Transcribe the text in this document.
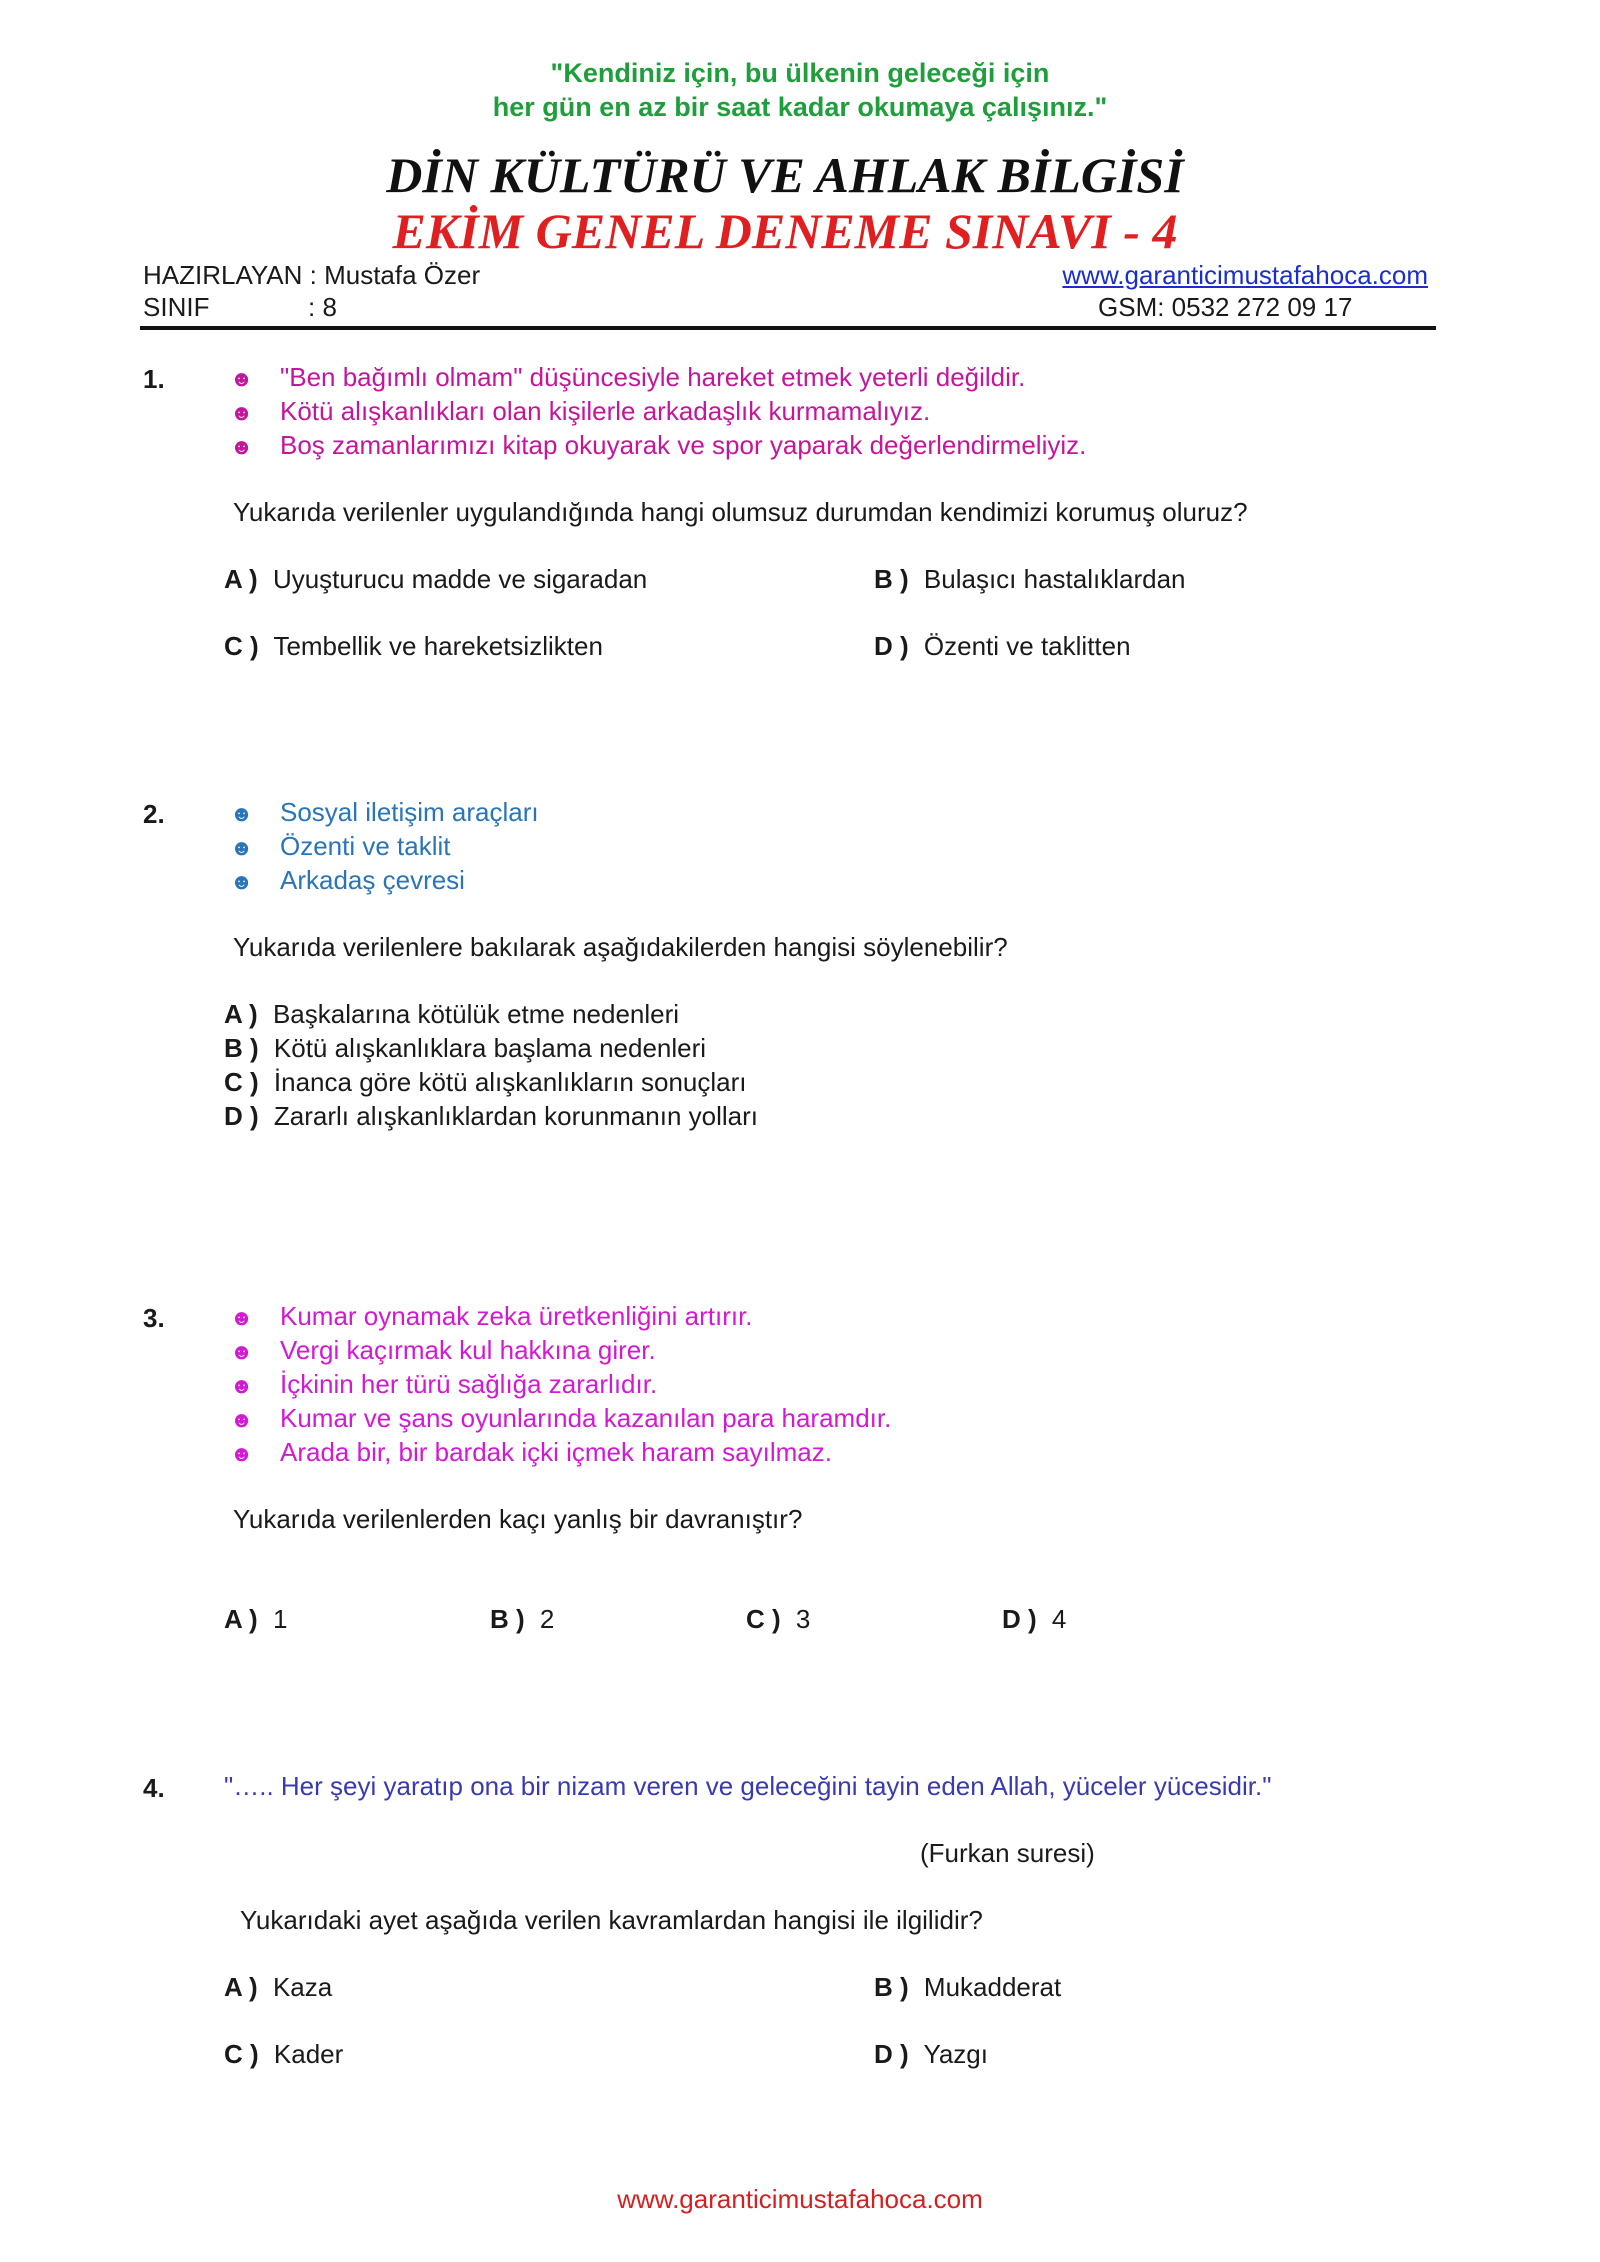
"Kendiniz için, bu ülkenin geleceği için
her gün en az bir saat kadar okumaya çalışınız."
DİN KÜLTÜRÜ VE AHLAK BİLGİSİ
EKİM GENEL DENEME SINAVI - 4
HAZIRLAYAN : Mustafa Özer	www.garanticimustafahoca.com
SINIF	: 8	GSM: 0532 272 09 17
1.	☻ "Ben bağımlı olmam" düşüncesiyle hareket etmek yeterli değildir.
☻ Kötü alışkanlıkları olan kişilerle arkadaşlık kurmamalıyız.
☻ Boş zamanlarımızı kitap okuyarak ve spor yaparak değerlendirmeliyiz.
Yukarıda verilenler uygulandığında hangi olumsuz durumdan kendimizi korumuş oluruz?
A ) Uyuşturucu madde ve sigaradan	B ) Bulaşıcı hastalıklardan
C ) Tembellik ve hareketsizlikten	D ) Özenti ve taklitten
2.	☻ Sosyal iletişim araçları
☻ Özenti ve taklit
☻ Arkadaş çevresi
Yukarıda verilenlere bakılarak aşağıdakilerden hangisi söylenebilir?
A ) Başkalarına kötülük etme nedenleri
B ) Kötü alışkanlıklara başlama nedenleri
C ) İnanca göre kötü alışkanlıkların sonuçları
D ) Zararlı alışkanlıklardan korunmanın yolları
3.	☻ Kumar oynamak zeka üretkenliğini artırır.
☻ Vergi kaçırmak kul hakkına girer.
☻ İçkinin her türü sağlığa zararlıdır.
☻ Kumar ve şans oyunlarında kazanılan para haramdır.
☻ Arada bir, bir bardak içki içmek haram sayılmaz.
Yukarıda verilenlerden kaçı yanlış bir davranıştır?
A ) 1	B ) 2	C ) 3	D ) 4
4. "….. Her şeyi yaratıp ona bir nizam veren ve geleceğini tayin eden Allah, yüceler yücesidir."
(Furkan suresi)
Yukarıdaki ayet aşağıda verilen kavramlardan hangisi ile ilgilidir?
A ) Kaza	B ) Mukadderat
C ) Kader	D ) Yazgı
www.garanticimustafahoca.com
